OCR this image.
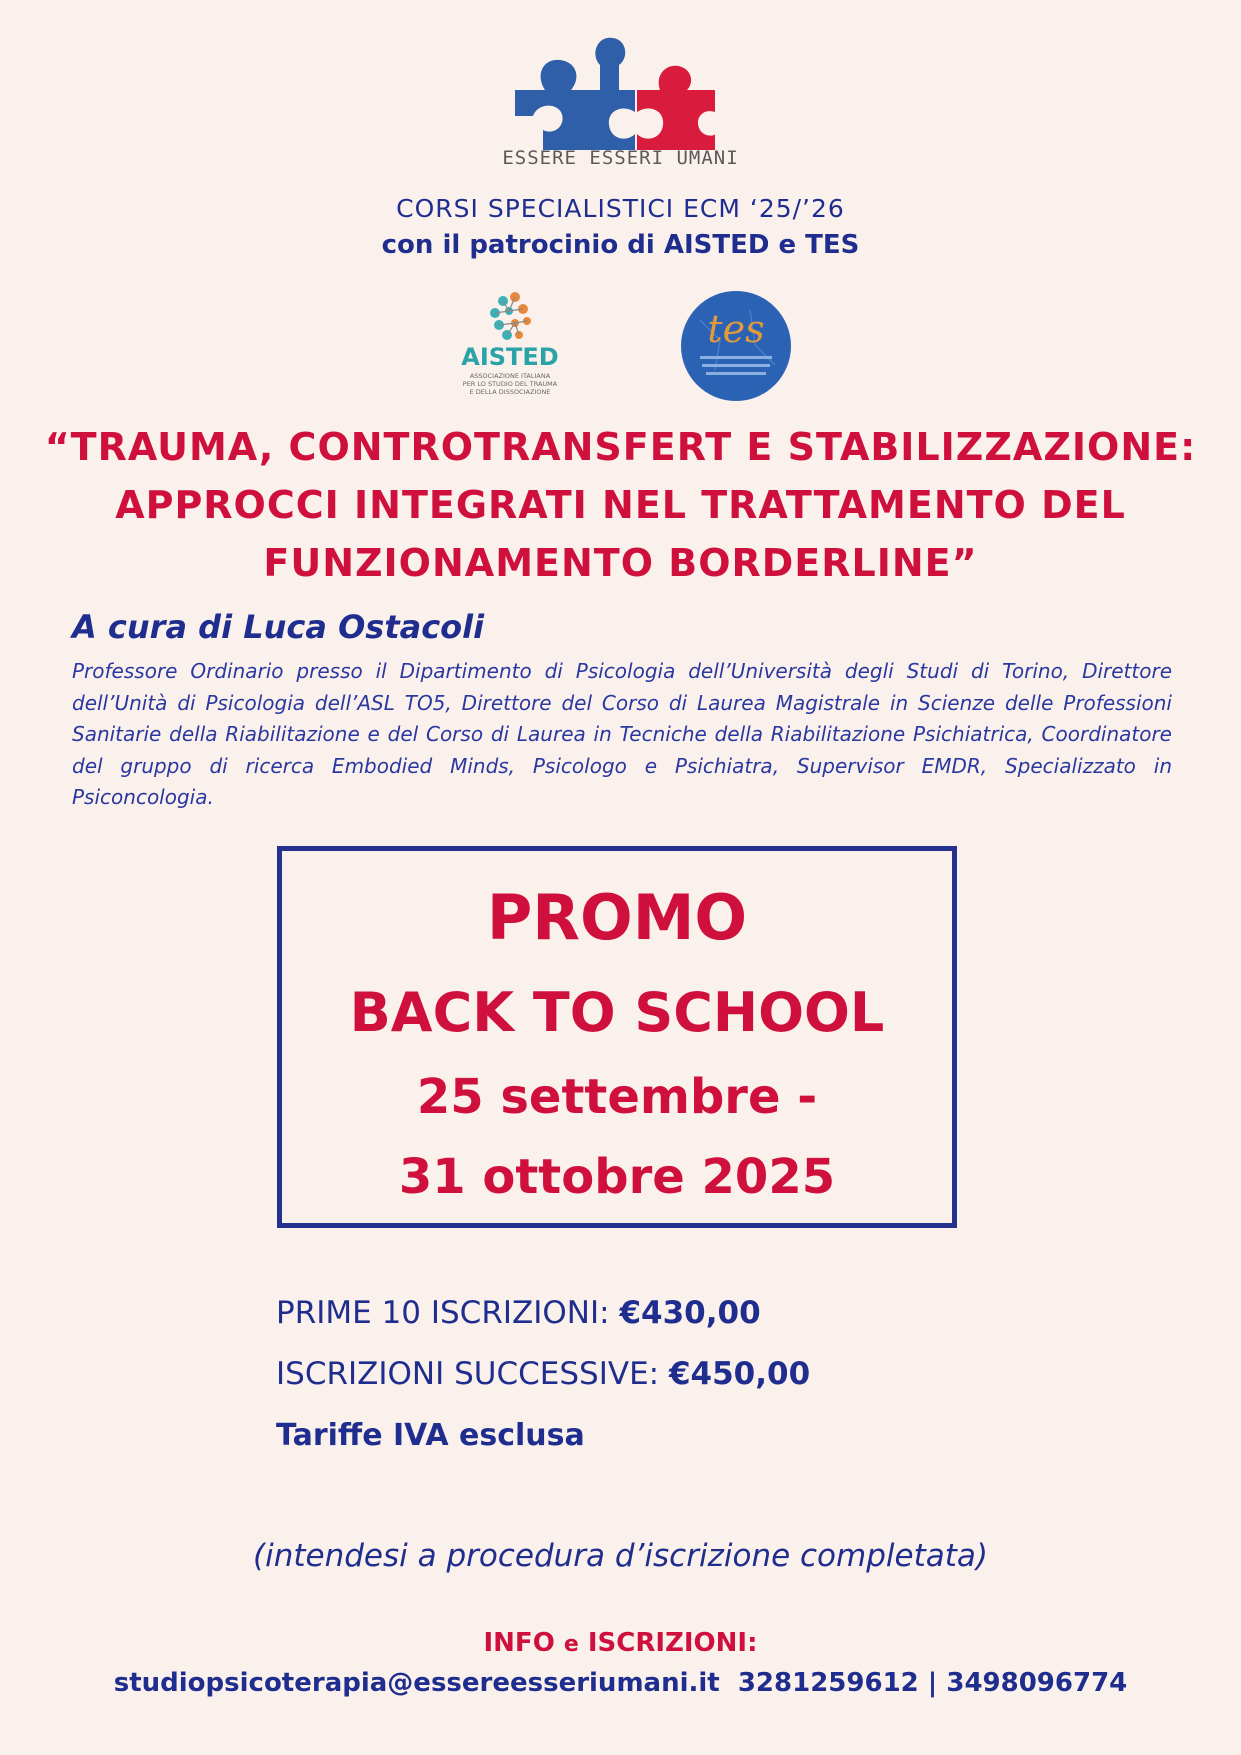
ESSERE ESSERI UMANI
CORSI SPECIALISTICI ECM ‘25/’26
con il patrocinio di AISTED e TES
AISTED
ASSOCIAZIONE ITALIANA
PER LO STUDIO DEL TRAUMA
E DELLA DISSOCIAZIONE
tes
“TRAUMA, CONTROTRANSFERT E STABILIZZAZIONE:
APPROCCI INTEGRATI NEL TRATTAMENTO DEL
FUNZIONAMENTO BORDERLINE”
A cura di Luca Ostacoli
Professore Ordinario presso il Dipartimento di Psicologia dell’Università degli Studi di Torino, Direttore dell’Unità di Psicologia dell’ASL TO5, Direttore del Corso di Laurea Magistrale in Scienze delle Professioni Sanitarie della Riabilitazione e del Corso di Laurea in Tecniche della Riabilitazione Psichiatrica, Coordinatore del gruppo di ricerca Embodied Minds, Psicologo e Psichiatra, Supervisor EMDR, Specializzato in Psiconcologia.
PROMO
BACK TO SCHOOL
25 settembre -
31 ottobre 2025
PRIME 10 ISCRIZIONI: €430,00
ISCRIZIONI SUCCESSIVE: €450,00
Tariffe IVA esclusa
(intendesi a procedura d’iscrizione completata)
INFO e ISCRIZIONI:
studiopsicoterapia@essereesseriumani.it 3281259612 | 3498096774
